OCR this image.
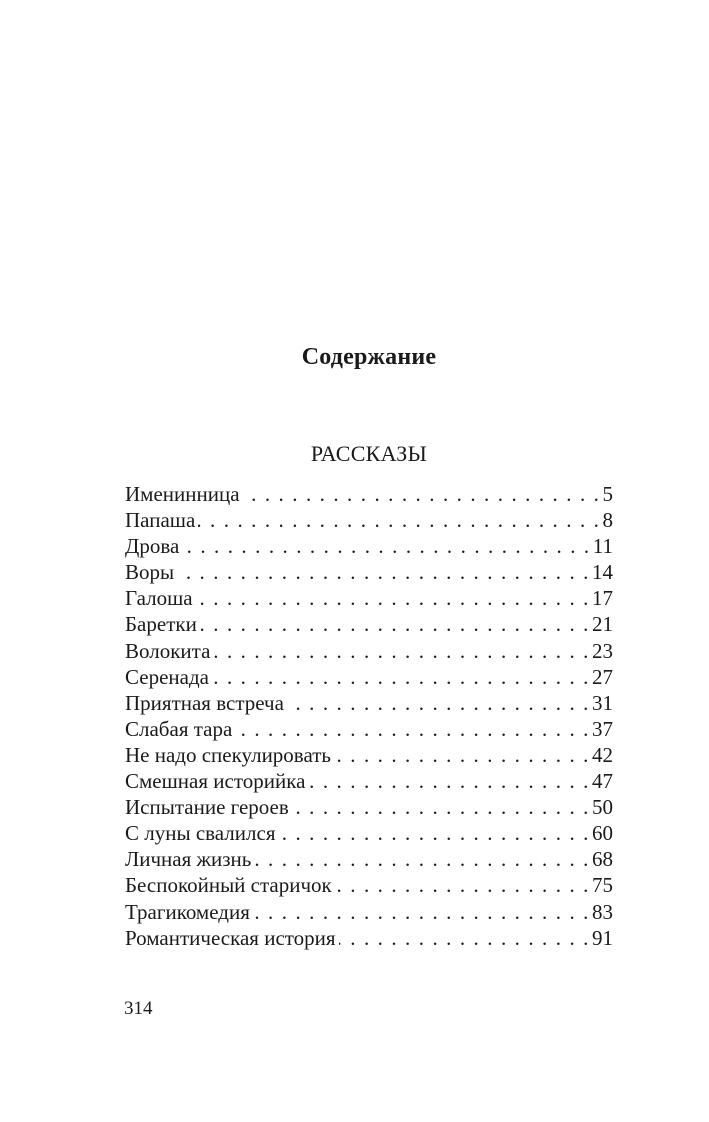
Содержание
РАССКАЗЫ
Именинница . . .	5
Папаша . . .	8
Дрова . . .	11
Воры . . .	14
Галоша . . .	17
Баретки . . .	21
Волокита . . .	23
Серенада . . .	27
Приятная встреча . . .	31
Слабая тара . . .	37
Не надо спекулировать . . .	42
Смешная историйка . . .	47
Испытание героев . . .	50
С луны свалился . . .	60
Личная жизнь . . .	68
Беспокойный старичок . . .	75
Трагикомедия . . .	83
Романтическая история . . .	91
314
